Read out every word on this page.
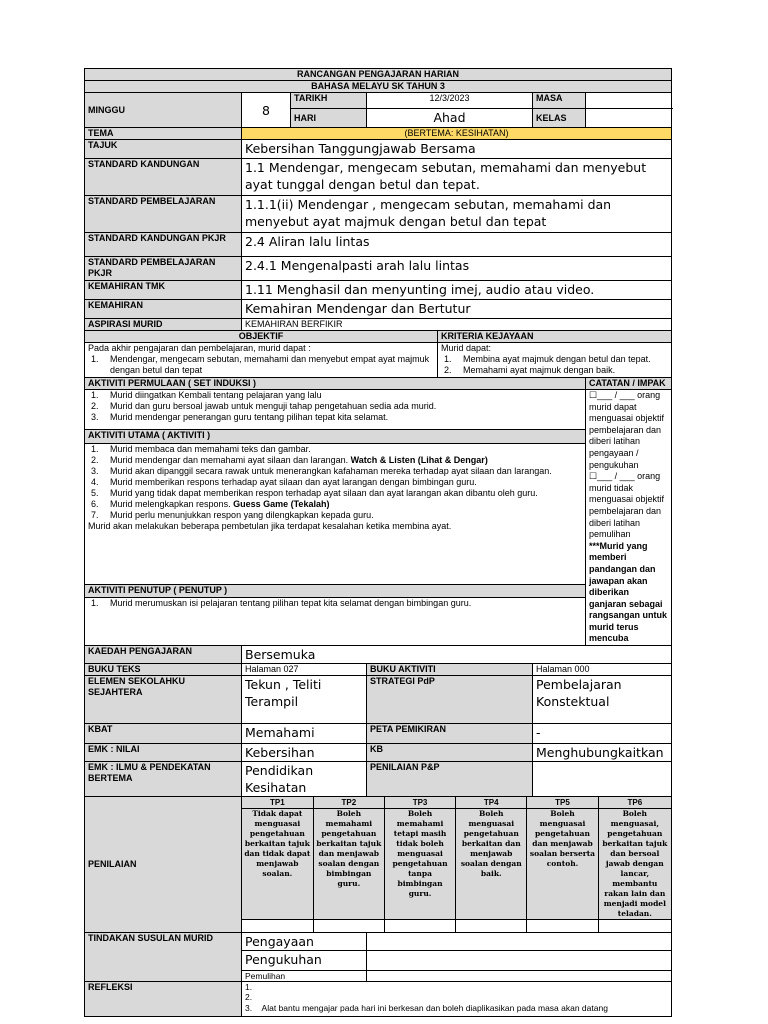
RANCANGAN PENGAJARAN HARIAN
BAHASA MELAYU SK TAHUN 3
MINGGU	8	TARIKH	12/3/2023	MASA	
HARI	Ahad	KELAS	
TEMA	(BERTEMA: KESIHATAN)
TAJUK	Kebersihan Tanggungjawab Bersama
STANDARD KANDUNGAN	1.1 Mendengar, mengecam sebutan, memahami dan menyebut ayat tunggal dengan betul dan tepat.
STANDARD PEMBELAJARAN	1.1.1(ii) Mendengar , mengecam sebutan, memahami dan menyebut ayat majmuk dengan betul dan tepat
STANDARD KANDUNGAN PKJR	2.4 Aliran lalu lintas
STANDARD PEMBELAJARAN PKJR	2.4.1 Mengenalpasti arah lalu lintas
KEMAHIRAN TMK	1.11 Menghasil dan menyunting imej, audio atau video.
KEMAHIRAN	Kemahiran Mendengar dan Bertutur
ASPIRASI MURID	KEMAHIRAN BERFIKIR
OBJEKTIF	KRITERIA KEJAYAAN

Pada akhir pengajaran dan pembelajaran, murid dapat :
1. Mendengar, mengecam sebutan, memahami dan menyebut empat ayat majmuk dengan betul dan tepat

Murid dapat:
1. Membina ayat majmuk dengan betul dan tepat.
2. Memahami ayat majmuk dengan baik.

AKTIVITI PERMULAAN ( SET INDUKSI )	CATATAN / IMPAK

1. Murid diingatkan Kembali tentang pelajaran yang lalu
2. Murid dan guru bersoal jawab untuk menguji tahap pengetahuan sedia ada murid.
3. Murid mendengar penerangan guru tentang pilihan tepat kita selamat.

☐___ / ___ orang murid dapat menguasai objektif pembelajaran dan diberi latihan pengayaan / pengukuhan
☐___ / ___ orang murid tidak menguasai objektif pembelajaran dan diberi latihan pemulihan
***Murid yang memberi pandangan dan jawapan akan diberikan ganjaran sebagai rangsangan untuk murid terus mencuba

AKTIVITI UTAMA ( AKTIVITI )

1. Murid membaca dan memahami teks dan gambar.
2. Murid mendengar dan memahami ayat silaan dan larangan. Watch & Listen (Lihat & Dengar)
3. Murid akan dipanggil secara rawak untuk menerangkan kafahaman mereka terhadap ayat silaan dan larangan.
4. Murid memberikan respons terhadap ayat silaan dan ayat larangan dengan bimbingan guru.
5. Murid yang tidak dapat memberikan respon terhadap ayat silaan dan ayat larangan akan dibantu oleh guru.
6. Murid melengkapkan respons. Guess Game (Tekalah)
7. Murid perlu menunjukkan respon yang dilengkapkan kepada guru.
Murid akan melakukan beberapa pembetulan jika terdapat kesalahan ketika membina ayat.

AKTIVITI PENUTUP ( PENUTUP )

1. Murid merumuskan isi pelajaran tentang pilihan tepat kita selamat dengan bimbingan guru.

KAEDAH PENGAJARAN	Bersemuka
BUKU TEKS	Halaman 027	BUKU AKTIVITI	Halaman 000
ELEMEN SEKOLAHKU SEJAHTERA	Tekun , Teliti Terampil	STRATEGI PdP	Pembelajaran Konstektual
KBAT	Memahami	PETA PEMIKIRAN	-
EMK : NILAI	Kebersihan	KB	Menghubungkaitkan
EMK : ILMU & PENDEKATAN BERTEMA	Pendidikan Kesihatan	PENILAIAN P&P	
PENILAIAN	
TP1	TP2	TP3	TP4	TP5	TP6
Tidak dapat menguasai pengetahuan berkaitan tajuk dan tidak dapat menjawab soalan.	Boleh memahami pengetahuan berkaitan tajuk dan menjawab soalan dengan bimbingan guru.	Boleh memahami tetapi masih tidak boleh menguasai pengetahuan tanpa bimbingan guru.	Boleh menguasai pengetahuan berkaitan dan menjawab soalan dengan baik.	Boleh menguasai pengetahuan dan menjawab soalan berserta contoh.	Boleh menguasai, pengetahuan berkaitan tajuk dan bersoal jawab dengan lancar, membantu rakan lain dan menjadi model teladan.

TINDAKAN SUSULAN MURID	Pengayaan	
Pengukuhan	
Pemulihan	
REFLEKSI	1.
2.
3. Alat bantu mengajar pada hari ini berkesan dan boleh diaplikasikan pada masa akan datang
